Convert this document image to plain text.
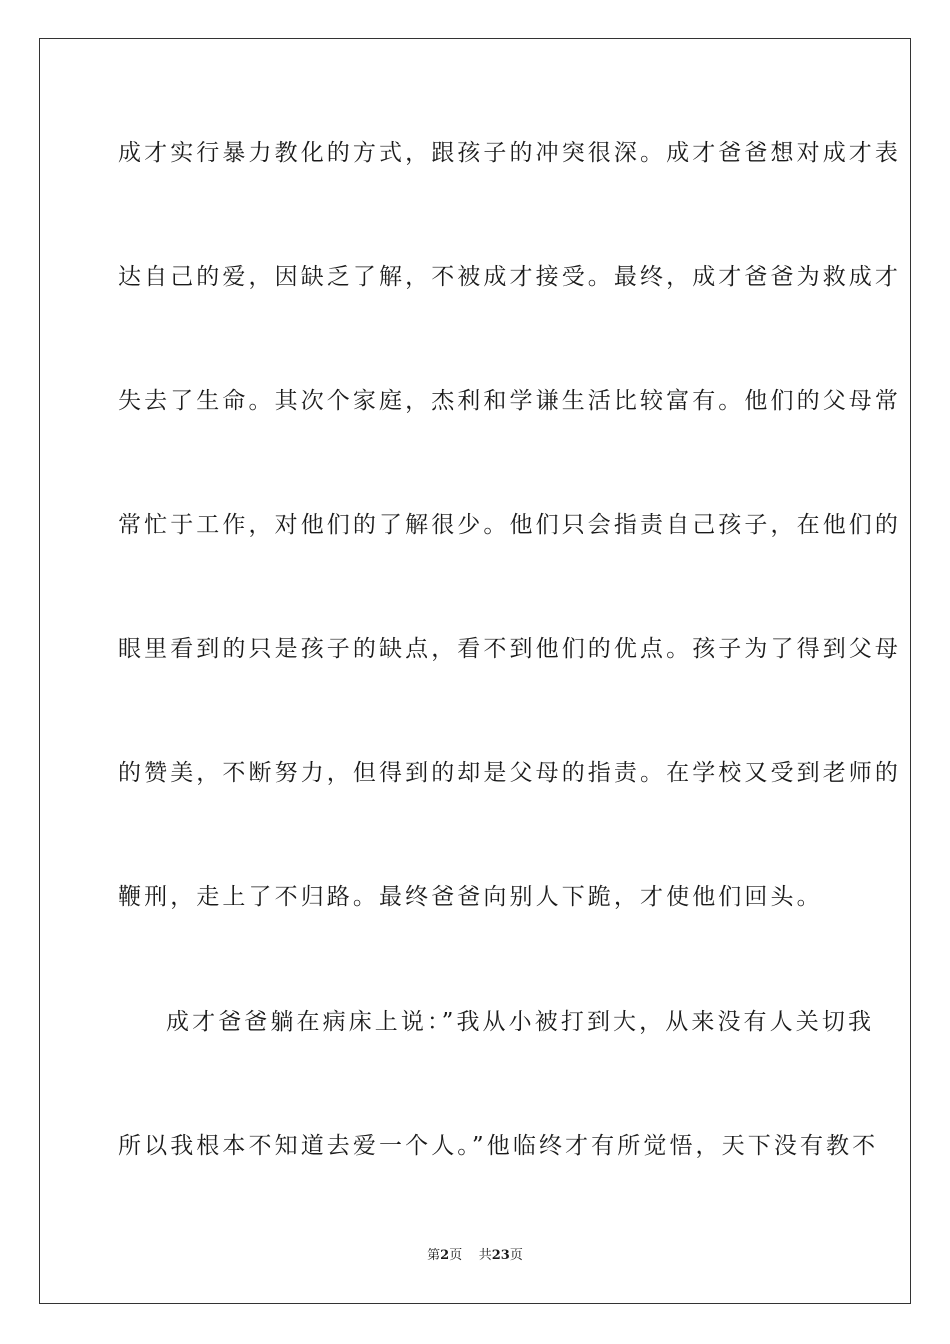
成才实行暴力教化的方式，跟孩子的冲突很深。成才爸爸想对成才表
达自己的爱，因缺乏了解，不被成才接受。最终，成才爸爸为救成才
失去了生命。其次个家庭，杰利和学谦生活比较富有。他们的父母常
常忙于工作，对他们的了解很少。他们只会指责自己孩子，在他们的
眼里看到的只是孩子的缺点，看不到他们的优点。孩子为了得到父母
的赞美，不断努力，但得到的却是父母的指责。在学校又受到老师的
鞭刑，走上了不归路。最终爸爸向别人下跪，才使他们回头。
成才爸爸躺在病床上说：”我从小被打到大，从来没有人关切我
所以我根本不知道去爱一个人。”他临终才有所觉悟，天下没有教不
第2页 共23页
